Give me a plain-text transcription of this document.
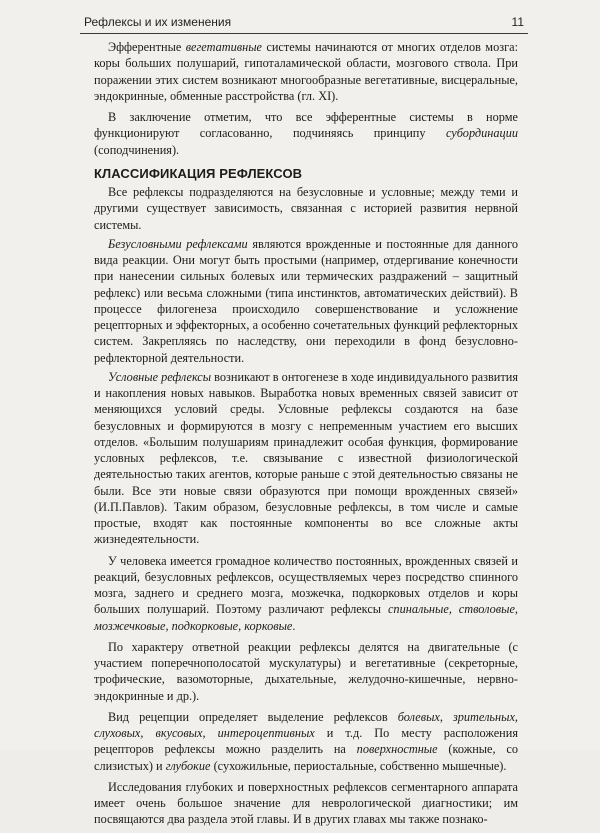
Рефлексы и их изменения	11

Эфферентные вегетативные системы начинаются от многих отделов мозга: коры больших полушарий, гипоталамической области, мозгового ствола. При поражении этих систем возникают многообразные вегетативные, висцеральные, эндокринные, обменные расстройства (гл. XI).

В заключение отметим, что все эфферентные системы в норме функционируют согласованно, подчиняясь принципу субординации (соподчинения).

КЛАССИФИКАЦИЯ РЕФЛЕКСОВ

Все рефлексы подразделяются на безусловные и условные; между теми и другими существует зависимость, связанная с историей развития нервной системы.

Безусловными рефлексами являются врожденные и постоянные для данного вида реакции. Они могут быть простыми (например, отдергивание конечности при нанесении сильных болевых или термических раздражений – защитный рефлекс) или весьма сложными (типа инстинктов, автоматических действий). В процессе филогенеза происходило совершенствование и усложнение рецепторных и эффекторных, а особенно сочетательных функций рефлекторных систем. Закрепляясь по наследству, они переходили в фонд безусловно-рефлекторной деятельности.

Условные рефлексы возникают в онтогенезе в ходе индивидуального развития и накопления новых навыков. Выработка новых временных связей зависит от меняющихся условий среды. Условные рефлексы создаются на базе безусловных и формируются в мозгу с непременным участием его высших отделов. «Большим полушариям принадлежит особая функция, формирование условных рефлексов, т.е. связывание с известной физиологической деятельностью таких агентов, которые раньше с этой деятельностью связаны не были. Все эти новые связи образуются при помощи врожденных связей» (И.П.Павлов). Таким образом, безусловные рефлексы, в том числе и самые простые, входят как постоянные компоненты во все сложные акты жизнедеятельности.

У человека имеется громадное количество постоянных, врожденных связей и реакций, безусловных рефлексов, осуществляемых через посредство спинного мозга, заднего и среднего мозга, мозжечка, подкорковых отделов и коры больших полушарий. Поэтому различают рефлексы спинальные, стволовые, мозжечковые, подкорковые, корковые.

По характеру ответной реакции рефлексы делятся на двигательные (с участием поперечнополосатой мускулатуры) и вегетативные (секреторные, трофические, вазомоторные, дыхательные, желудочно-кишечные, нервно-эндокринные и др.).

Вид рецепции определяет выделение рефлексов болевых, зрительных, слуховых, вкусовых, интероцептивных и т.д. По месту расположения рецепторов рефлексы можно разделить на поверхностные (кожные, со слизистых) и глубокие (сухожильные, периостальные, собственно мышечные).

Исследования глубоких и поверхностных рефлексов сегментарного аппарата имеет очень большое значение для неврологической диагностики; им посвящаются два раздела этой главы. И в других главах мы также познако-
